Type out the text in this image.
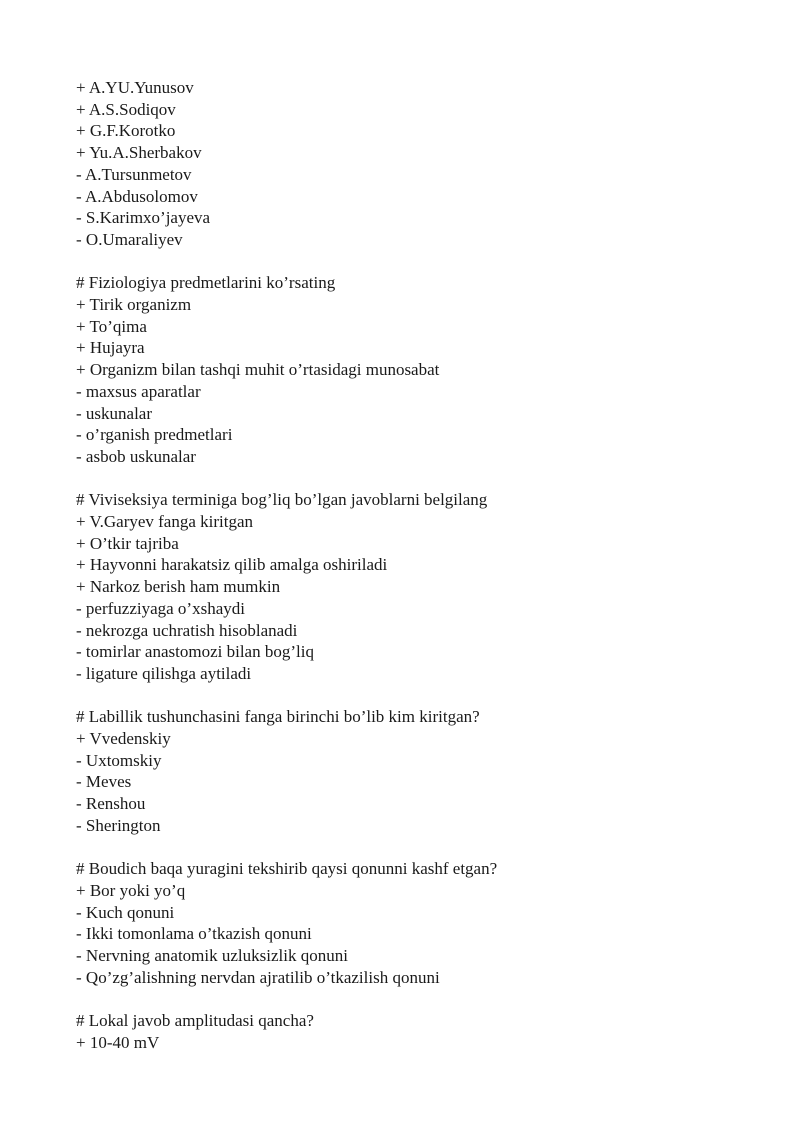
+ A.YU.Yunusov
+ A.S.Sodiqov
+ G.F.Korotko
+ Yu.A.Sherbakov
- A.Tursunmetov
- A.Abdusolomov
- S.Karimxo’jayeva
- O.Umaraliyev
# Fiziologiya predmetlarini ko’rsating
+ Tirik organizm
+ To’qima
+ Hujayra
+ Organizm bilan tashqi muhit o’rtasidagi munosabat
- maxsus aparatlar
- uskunalar
- o’rganish predmetlari
- asbob uskunalar
# Viviseksiya terminiga bog’liq bo’lgan javoblarni belgilang
+ V.Garyev fanga kiritgan
+ O’tkir tajriba
+ Hayvonni harakatsiz qilib amalga oshiriladi
+ Narkoz berish ham mumkin
- perfuzziyaga o’xshaydi
- nekrozga uchratish hisoblanadi
- tomirlar anastomozi bilan bog’liq
- ligature qilishga aytiladi
# Labillik tushunchasini fanga birinchi bo’lib kim kiritgan?
+ Vvedenskiy
- Uxtomskiy
- Meves
- Renshou
- Sherington
# Boudich baqa yuragini tekshirib qaysi qonunni kashf etgan?
+ Bor yoki yo’q
- Kuch qonuni
- Ikki tomonlama o’tkazish qonuni
- Nervning anatomik uzluksizlik qonuni
- Qo’zg’alishning nervdan ajratilib o’tkazilish qonuni
# Lokal javob amplitudasi qancha?
+ 10-40 mV
